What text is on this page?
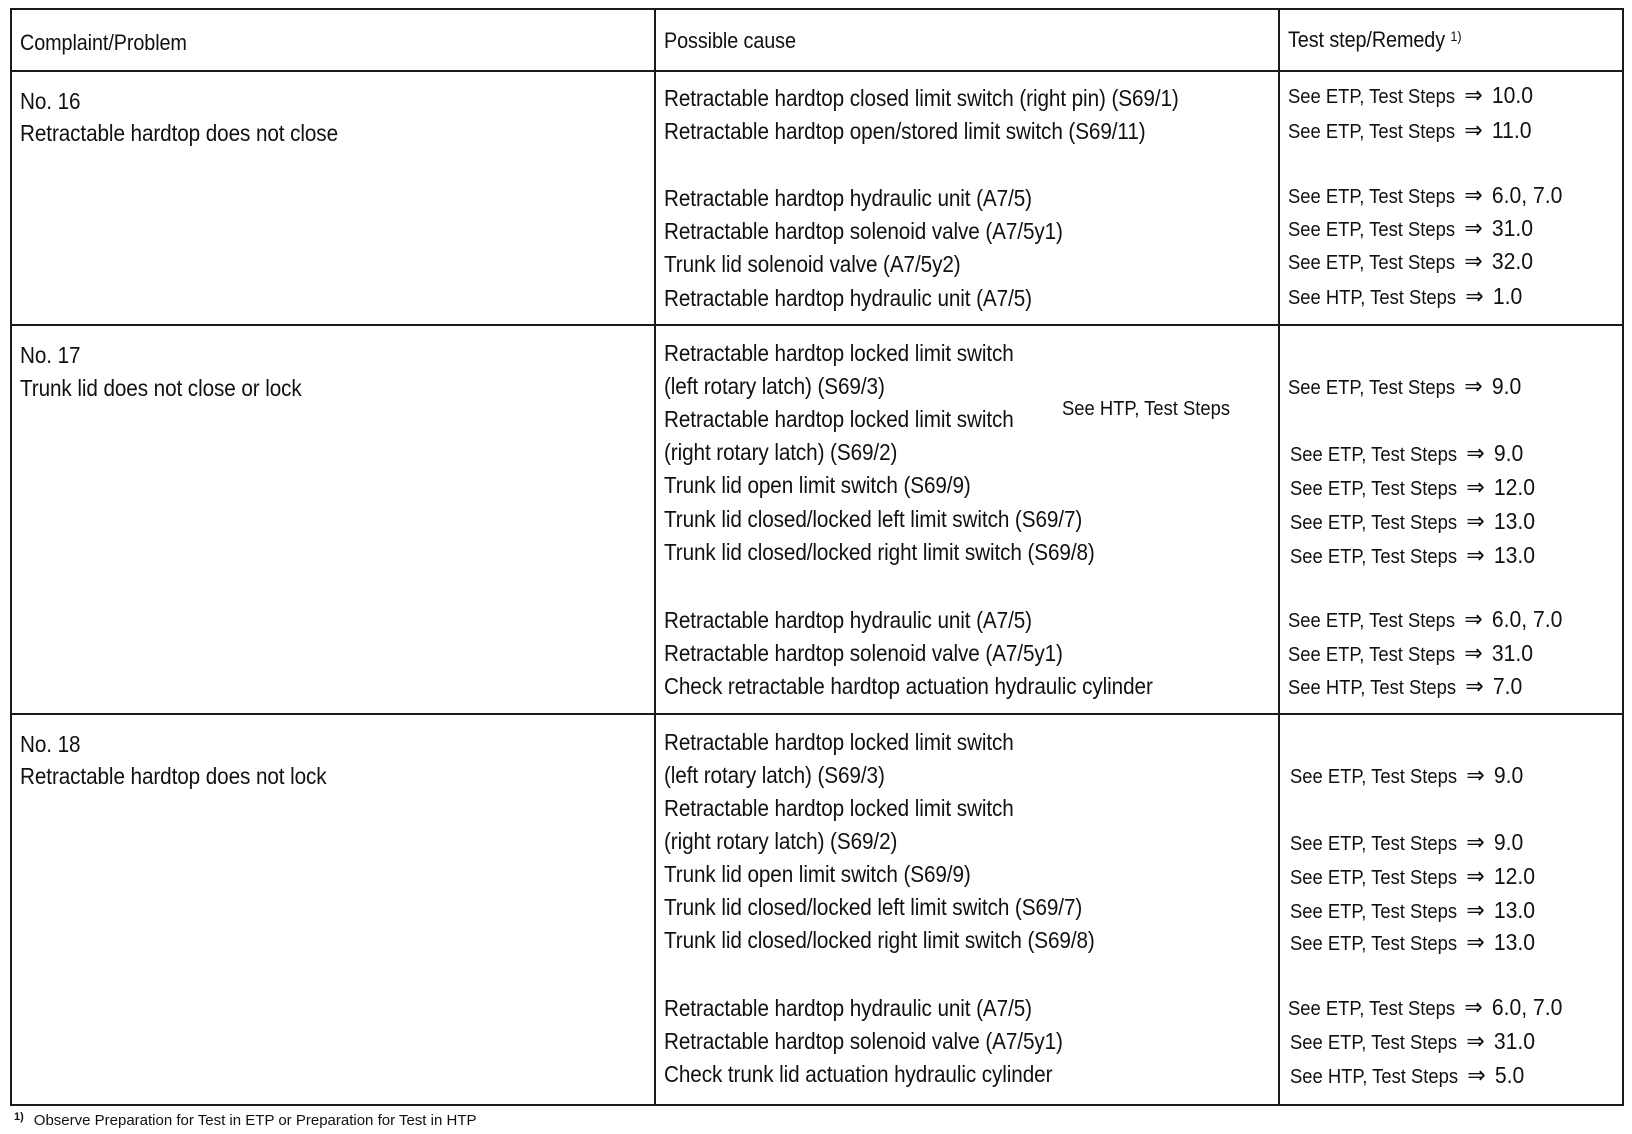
Complaint/Problem	Possible cause	Test step/Remedy $^{1)}$
No. 16
Retractable hardtop does not close
Retractable hardtop closed limit switch (right pin) (S69/1)
Retractable hardtop open/stored limit switch (S69/11)
Retractable hardtop hydraulic unit (A7/5)
Retractable hardtop solenoid valve (A7/5y1)
Trunk lid solenoid valve (A7/5y2)
Retractable hardtop hydraulic unit (A7/5)
See ETP, Test Steps ⇒ 10.0
See ETP, Test Steps ⇒ 11.0
See ETP, Test Steps ⇒ 6.0, 7.0
See ETP, Test Steps ⇒ 31.0
See ETP, Test Steps ⇒ 32.0
See HTP, Test Steps ⇒ 1.0
No. 17
Trunk lid does not close or lock
Retractable hardtop locked limit switch
(left rotary latch) (S69/3)
Retractable hardtop locked limit switch
(right rotary latch) (S69/2)
Trunk lid open limit switch (S69/9)
Trunk lid closed/locked left limit switch (S69/7)
Trunk lid closed/locked right limit switch (S69/8)
Retractable hardtop hydraulic unit (A7/5)
Retractable hardtop solenoid valve (A7/5y1)
Check retractable hardtop actuation hydraulic cylinder
See HTP, Test Steps
See ETP, Test Steps ⇒ 9.0
See ETP, Test Steps ⇒ 9.0
See ETP, Test Steps ⇒ 12.0
See ETP, Test Steps ⇒ 13.0
See ETP, Test Steps ⇒ 13.0
See ETP, Test Steps ⇒ 6.0, 7.0
See ETP, Test Steps ⇒ 31.0
See HTP, Test Steps ⇒ 7.0
No. 18
Retractable hardtop does not lock
Retractable hardtop locked limit switch
(left rotary latch) (S69/3)
Retractable hardtop locked limit switch
(right rotary latch) (S69/2)
Trunk lid open limit switch (S69/9)
Trunk lid closed/locked left limit switch (S69/7)
Trunk lid closed/locked right limit switch (S69/8)
Retractable hardtop hydraulic unit (A7/5)
Retractable hardtop solenoid valve (A7/5y1)
Check trunk lid actuation hydraulic cylinder
See ETP, Test Steps ⇒ 9.0
See ETP, Test Steps ⇒ 9.0
See ETP, Test Steps ⇒ 12.0
See ETP, Test Steps ⇒ 13.0
See ETP, Test Steps ⇒ 13.0
See ETP, Test Steps ⇒ 6.0, 7.0
See ETP, Test Steps ⇒ 31.0
See HTP, Test Steps ⇒ 5.0
$^{1)}$ Observe Preparation for Test in ETP or Preparation for Test in HTP
